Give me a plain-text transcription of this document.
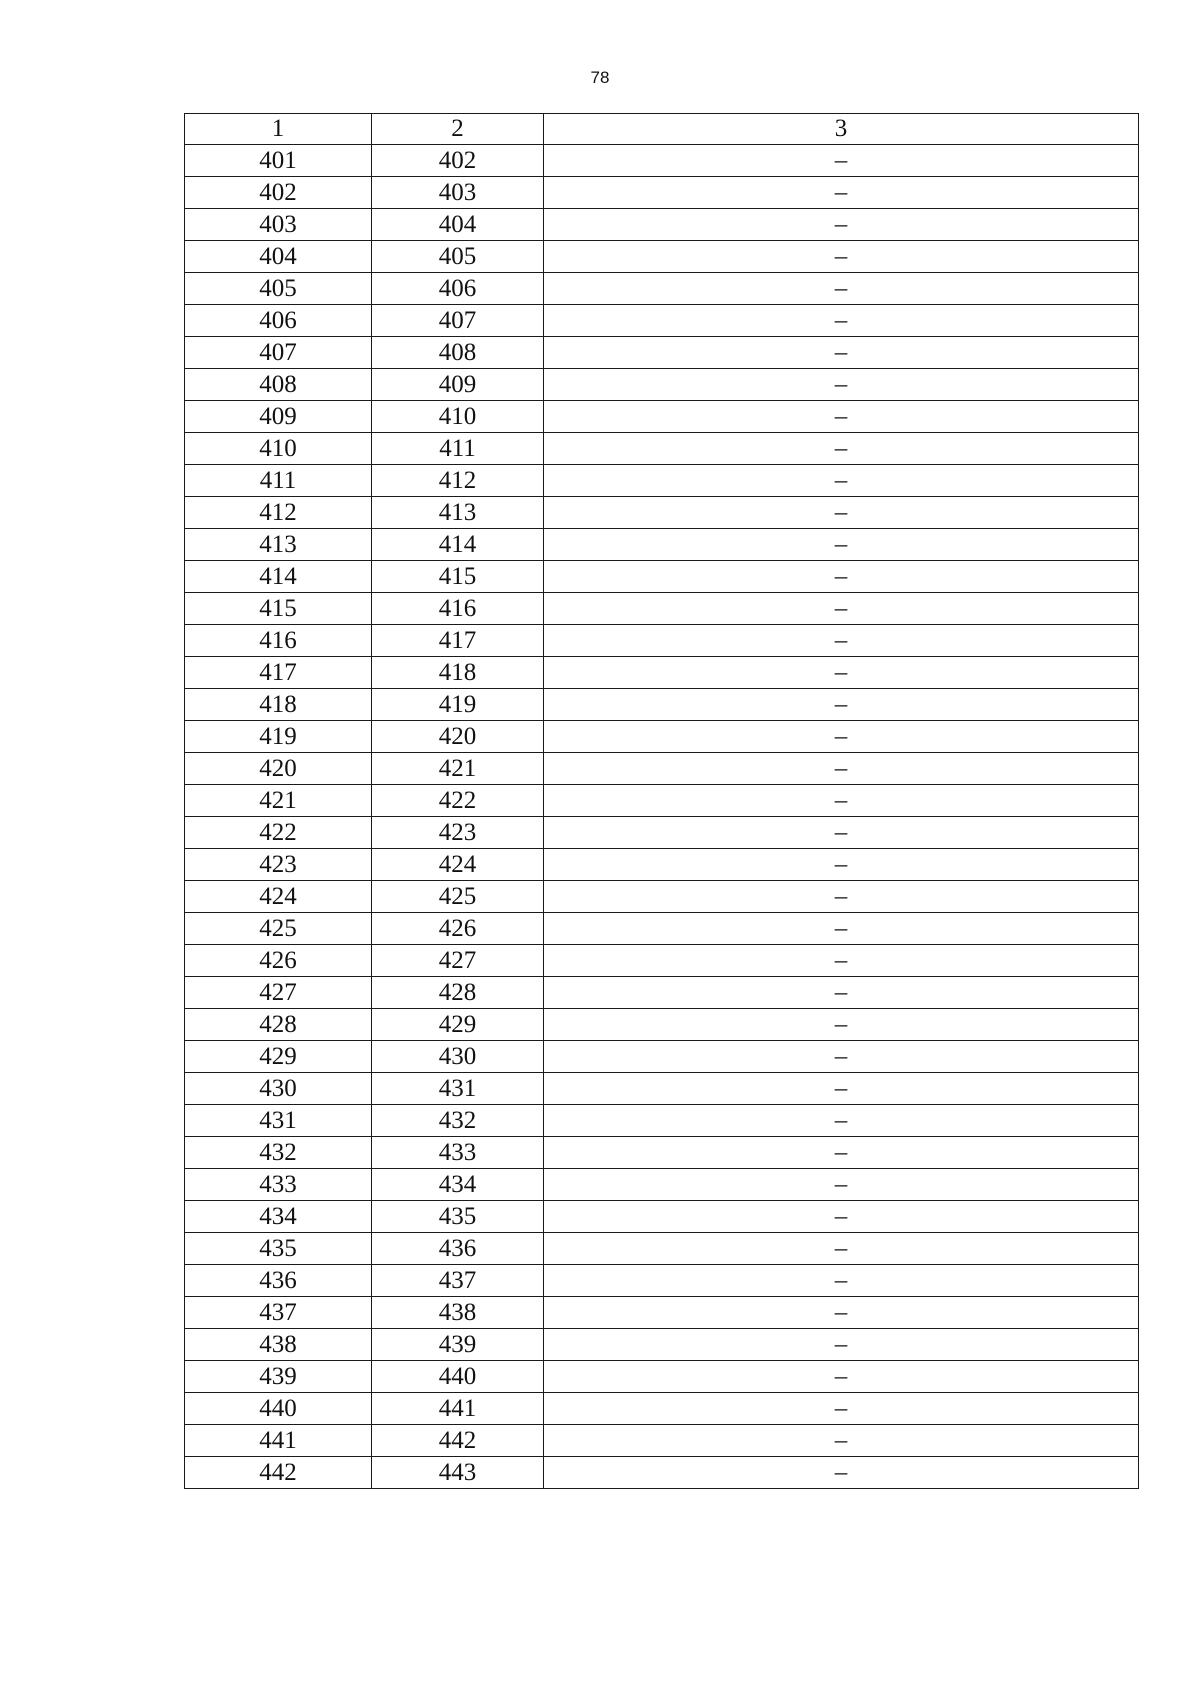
78
1	2	3
401	402	–
402	403	–
403	404	–
404	405	–
405	406	–
406	407	–
407	408	–
408	409	–
409	410	–
410	411	–
411	412	–
412	413	–
413	414	–
414	415	–
415	416	–
416	417	–
417	418	–
418	419	–
419	420	–
420	421	–
421	422	–
422	423	–
423	424	–
424	425	–
425	426	–
426	427	–
427	428	–
428	429	–
429	430	–
430	431	–
431	432	–
432	433	–
433	434	–
434	435	–
435	436	–
436	437	–
437	438	–
438	439	–
439	440	–
440	441	–
441	442	–
442	443	–
